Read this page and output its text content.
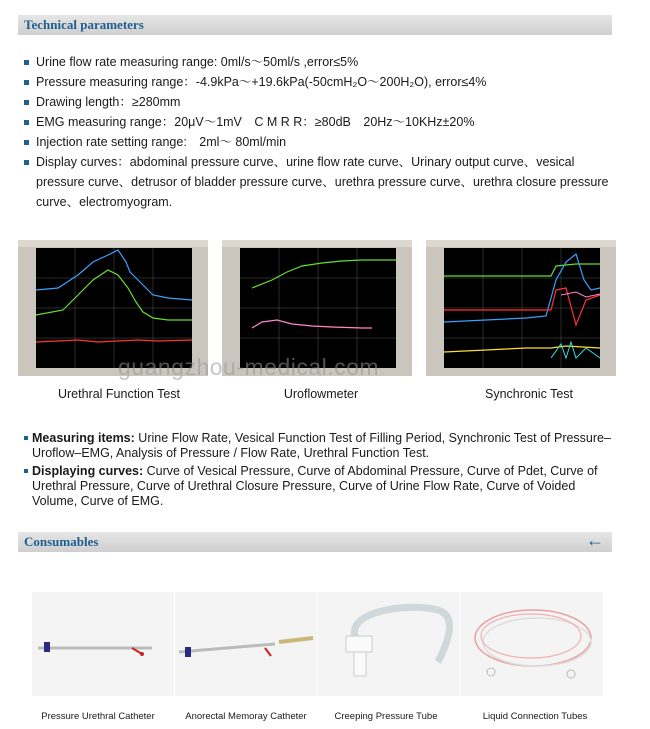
Technical parameters
Urine flow rate measuring range: 0ml/s～50ml/s ,error≤5%
Pressure measuring range：-4.9kPa～+19.6kPa(-50cmH₂O～200H₂O), error≤4%
Drawing length：≥280mm
EMG measuring range：20μV～1mV　C M R R：≥80dB　20Hz～10KHz±20%
Injection rate setting range:　2ml～ 80ml/min
Display curves：abdominal pressure curve、urine flow rate curve、Urinary output curve、vesical pressure curve、detrusor of bladder pressure curve、urethra pressure curve、urethra closure pressure curve、electromyogram.
guangzhou-medical.com
Urethral Function Test	Uroflowmeter	Synchronic Test
Measuring items: Urine Flow Rate, Vesical Function Test of Filling Period, Synchronic Test of Pressure–Uroflow–EMG, Analysis of Pressure / Flow Rate, Urethral Function Test.
Displaying curves: Curve of Vesical Pressure, Curve of Abdominal Pressure, Curve of Pdet, Curve of Urethral Pressure, Curve of Urethral Closure Pressure, Curve of Urine Flow Rate, Curve of Voided Volume, Curve of EMG.
Consumables	←
Pressure Urethral Catheter	Anorectal Memoray Catheter	Creeping Pressure Tube	Liquid Connection Tubes
